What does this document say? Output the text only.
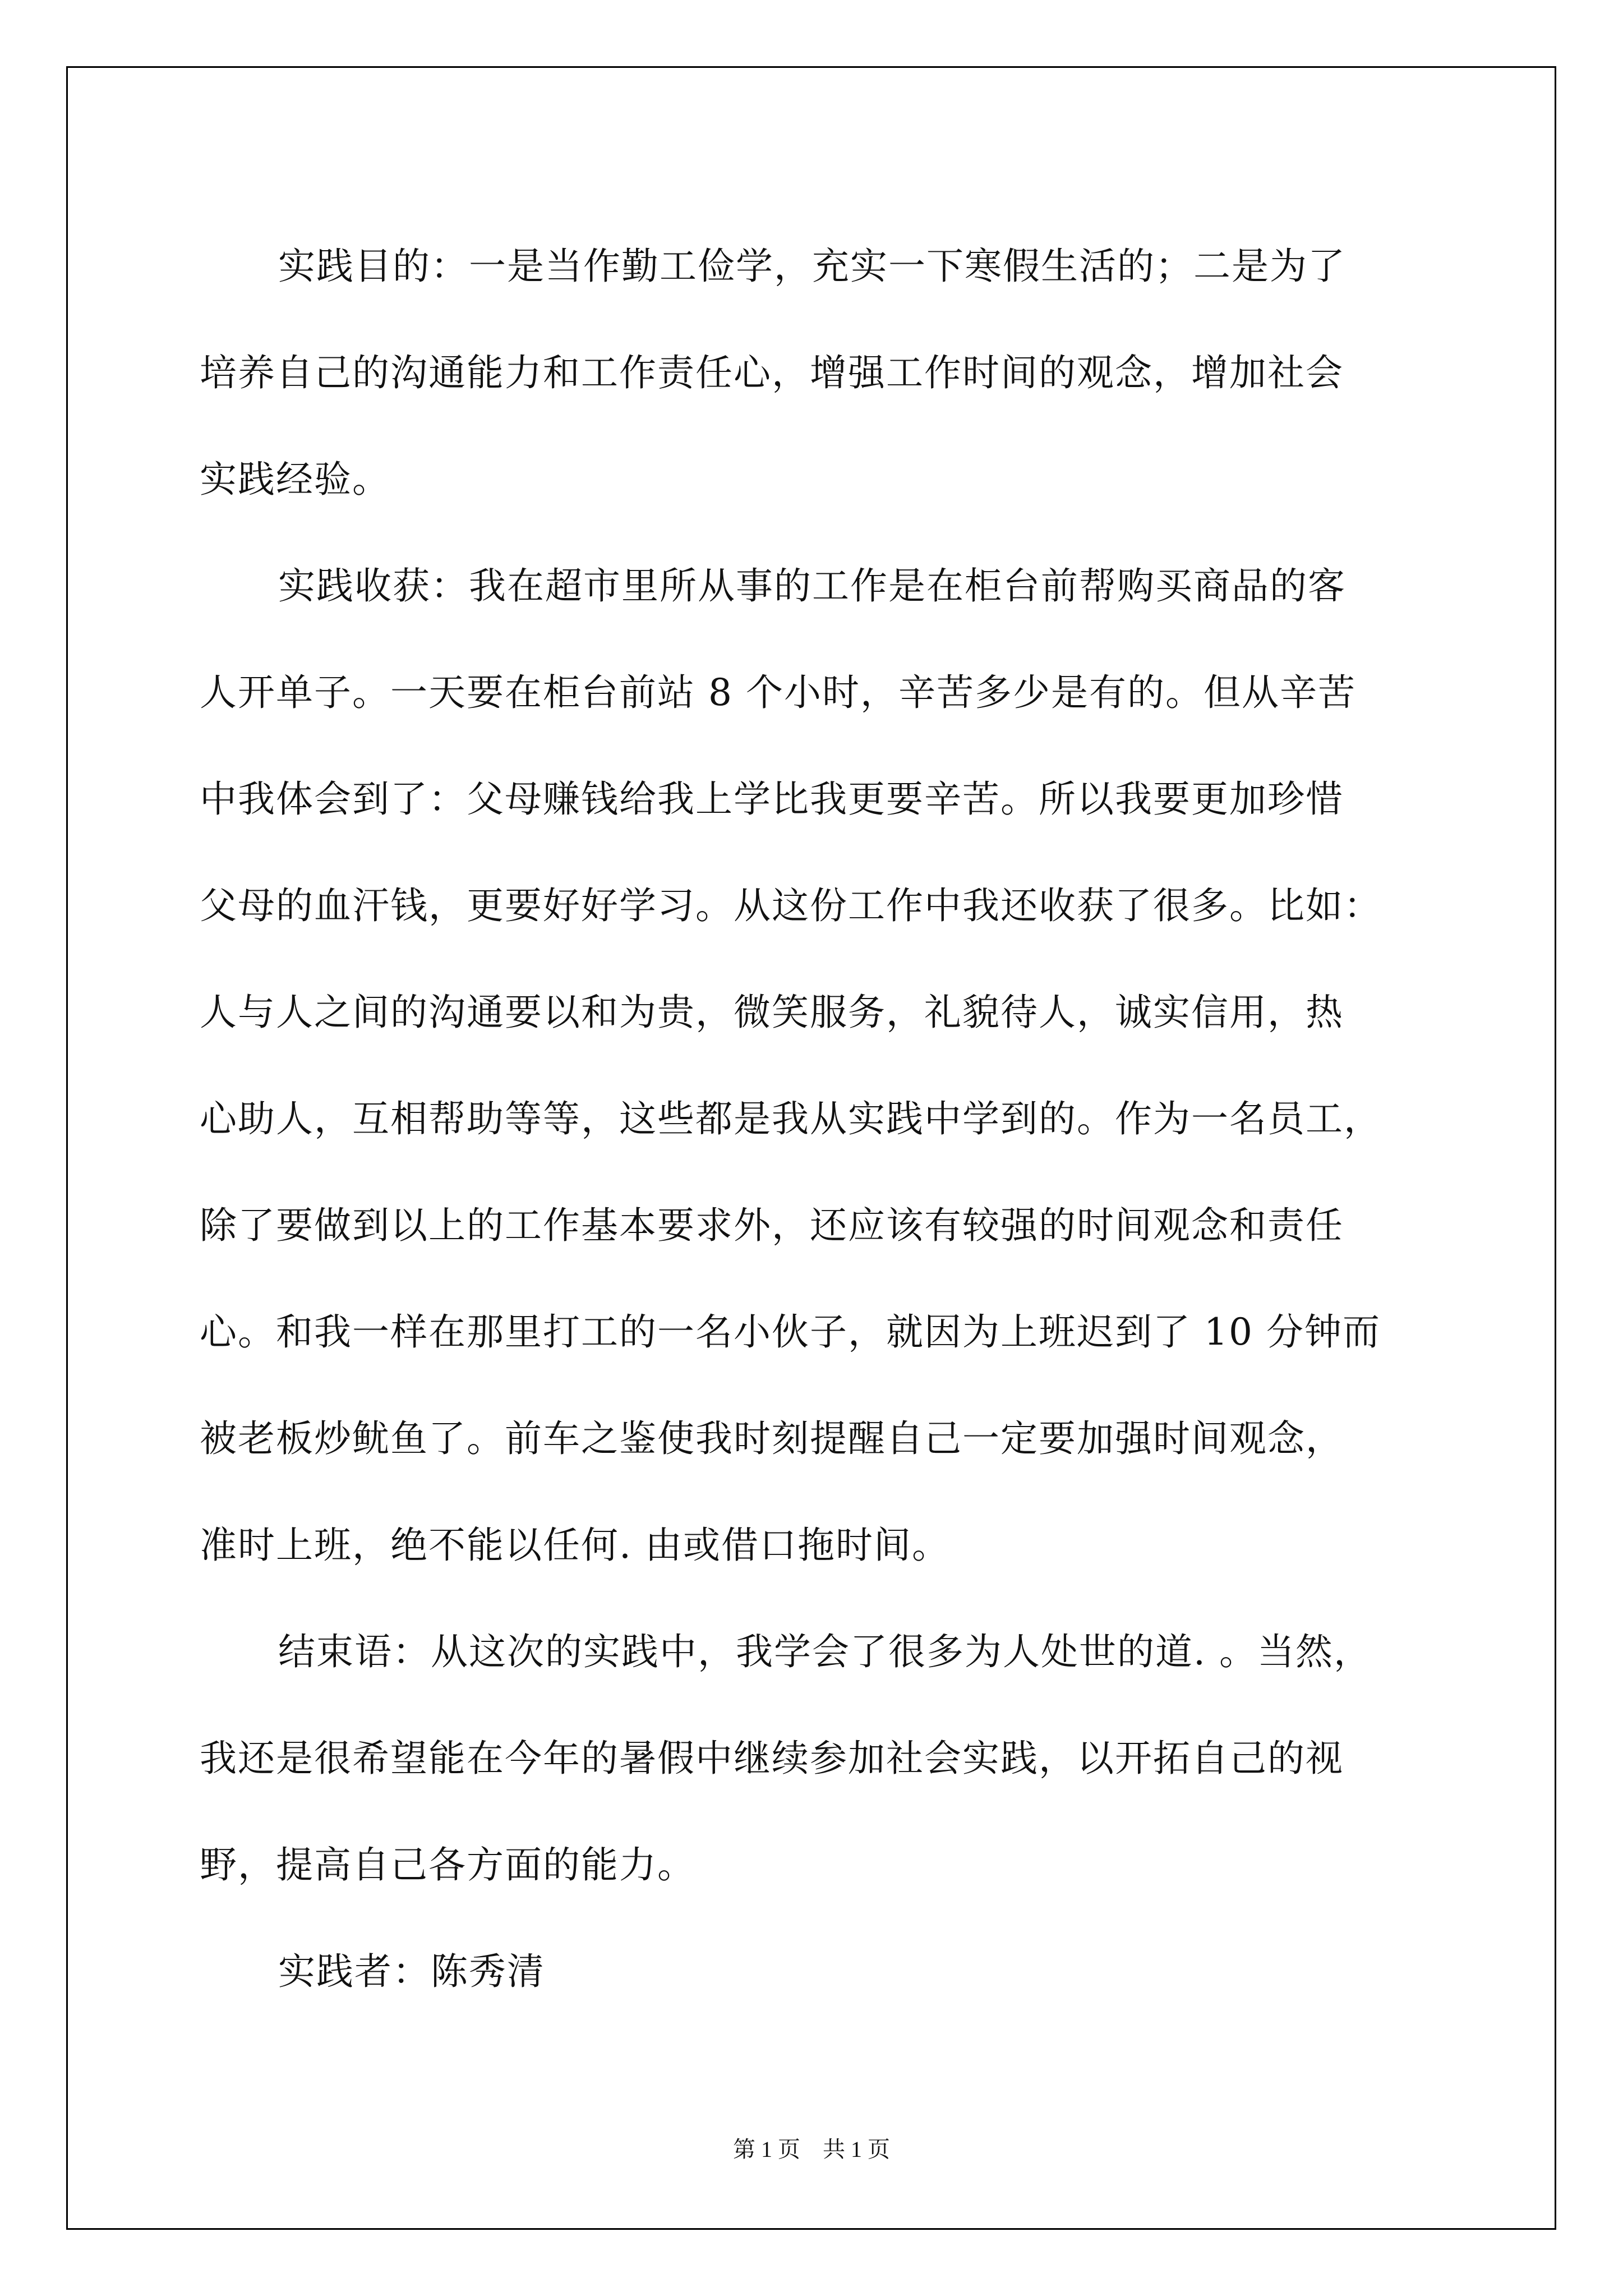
实践目的：一是当作勤工俭学，充实一下寒假生活的；二是为了
培养自己的沟通能力和工作责任心，增强工作时间的观念，增加社会
实践经验。
实践收获：我在超市里所从事的工作是在柜台前帮购买商品的客
人开单子。一天要在柜台前站 8 个小时，辛苦多少是有的。但从辛苦
中我体会到了：父母赚钱给我上学比我更要辛苦。所以我要更加珍惜
父母的血汗钱，更要好好学习。从这份工作中我还收获了很多。比如：
人与人之间的沟通要以和为贵，微笑服务，礼貌待人，诚实信用，热
心助人，互相帮助等等，这些都是我从实践中学到的。作为一名员工，
除了要做到以上的工作基本要求外，还应该有较强的时间观念和责任
心。和我一样在那里打工的一名小伙子，就因为上班迟到了 10 分钟而
被老板炒鱿鱼了。前车之鉴使我时刻提醒自己一定要加强时间观念，
准时上班，绝不能以任何. 由或借口拖时间。
结束语：从这次的实践中，我学会了很多为人处世的道. 。当然，
我还是很希望能在今年的暑假中继续参加社会实践，以开拓自己的视
野，提高自己各方面的能力。
实践者：陈秀清
第 1 页　共 1 页
